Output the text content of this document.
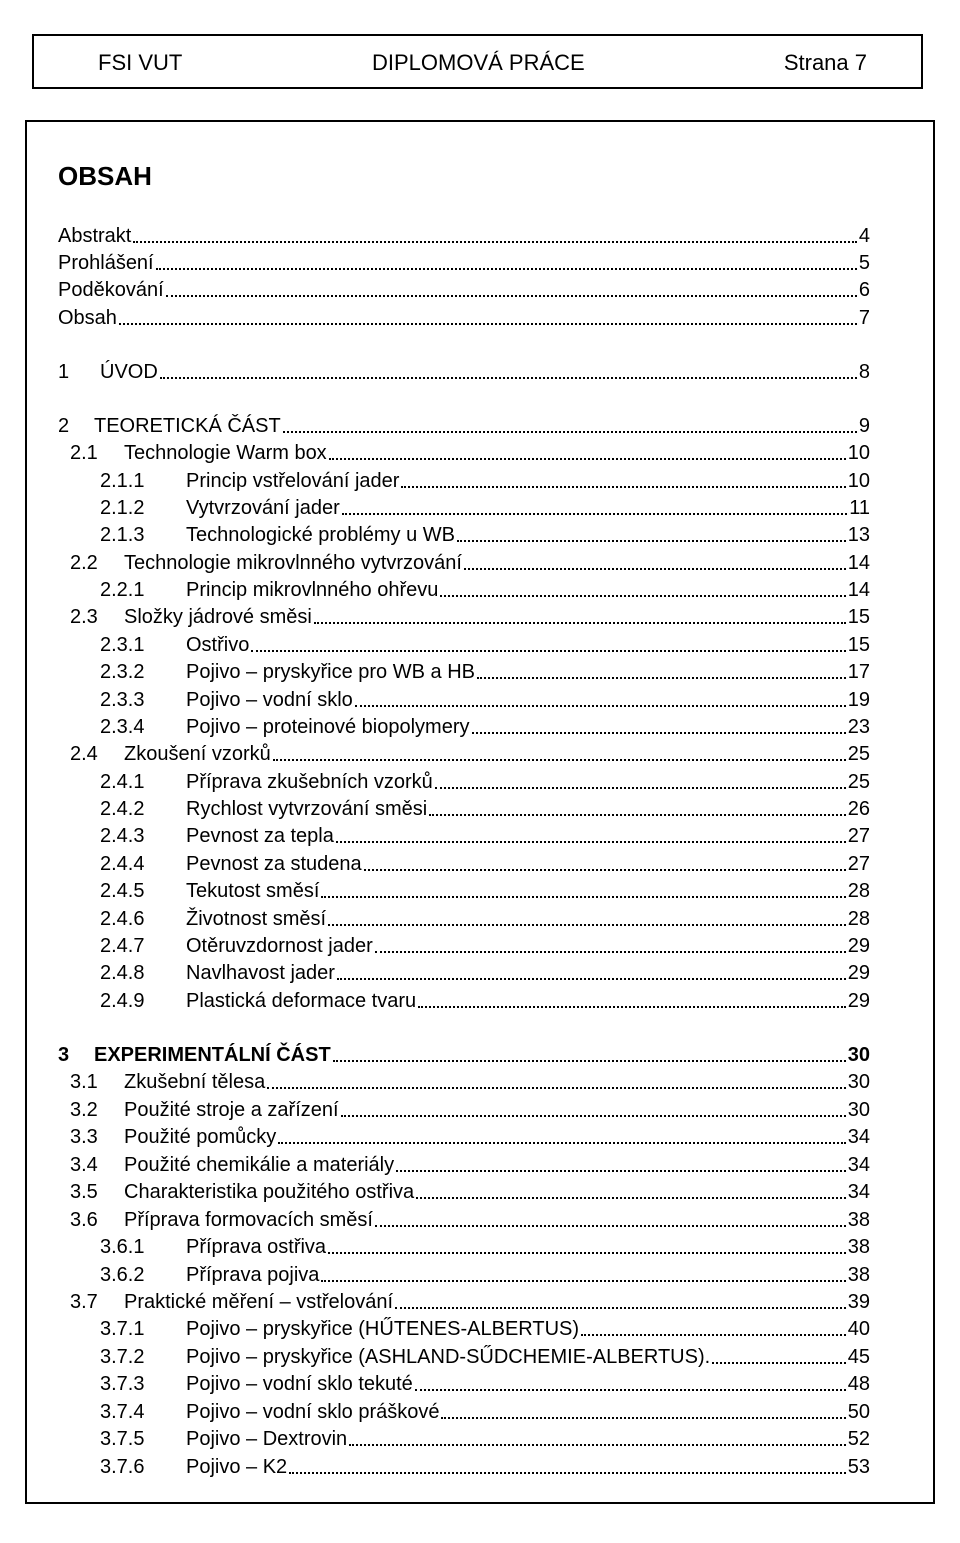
FSI VUT	DIPLOMOVÁ PRÁCE	Strana 7
OBSAH
Abstrakt	4
Prohlášení	5
Poděkování	6
Obsah	7
1	ÚVOD	8
2	TEORETICKÁ ČÁST	9
2.1	Technologie Warm box	10
2.1.1	Princip vstřelování jader	10
2.1.2	Vytvrzování jader	11
2.1.3	Technologické problémy u WB	13
2.2	Technologie mikrovlnného vytvrzování	14
2.2.1	Princip mikrovlnného ohřevu	14
2.3	Složky jádrové směsi	15
2.3.1	Ostřivo	15
2.3.2	Pojivo – pryskyřice pro WB a HB	17
2.3.3	Pojivo – vodní sklo	19
2.3.4	Pojivo – proteinové biopolymery	23
2.4	Zkoušení vzorků	25
2.4.1	Příprava zkušebních vzorků	25
2.4.2	Rychlost vytvrzování směsi	26
2.4.3	Pevnost za tepla	27
2.4.4	Pevnost za studena	27
2.4.5	Tekutost směsí	28
2.4.6	Životnost směsí	28
2.4.7	Otěruvzdornost jader	29
2.4.8	Navlhavost jader	29
2.4.9	Plastická deformace tvaru	29
3	EXPERIMENTÁLNÍ ČÁST	30
3.1	Zkušební tělesa	30
3.2	Použité stroje a zařízení	30
3.3	Použité pomůcky	34
3.4	Použité chemikálie a materiály	34
3.5	Charakteristika použitého ostřiva	34
3.6	Příprava formovacích směsí	38
3.6.1	Příprava ostřiva	38
3.6.2	Příprava pojiva	38
3.7	Praktické měření – vstřelování	39
3.7.1	Pojivo – pryskyřice (HŰTENES-ALBERTUS)	40
3.7.2	Pojivo – pryskyřice (ASHLAND-SŰDCHEMIE-ALBERTUS).	45
3.7.3	Pojivo – vodní sklo tekuté	48
3.7.4	Pojivo – vodní sklo práškové	50
3.7.5	Pojivo – Dextrovin	52
3.7.6	Pojivo – K2	53
